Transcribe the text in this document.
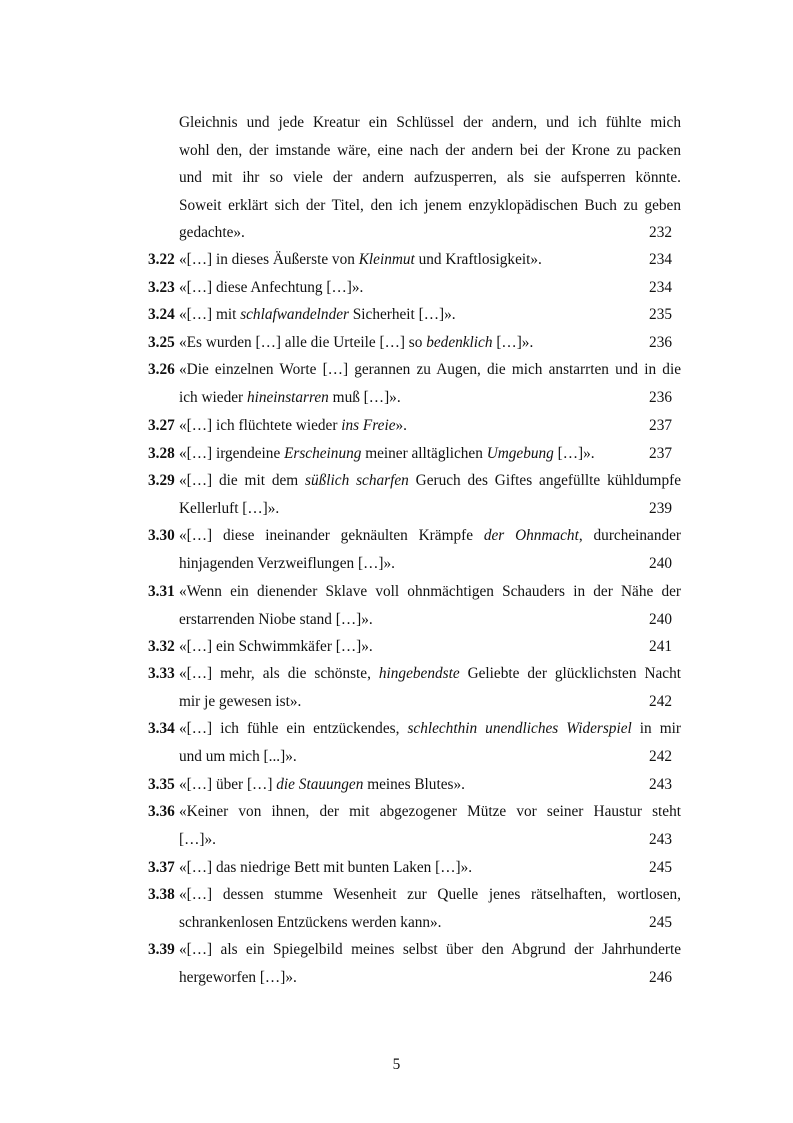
Gleichnis und jede Kreatur ein Schlüssel der andern, und ich fühlte mich
wohl den, der imstande wäre, eine nach der andern bei der Krone zu packen
und mit ihr so viele der andern aufzusperren, als sie aufsperren könnte.
Soweit erklärt sich der Titel, den ich jenem enzyklopädischen Buch zu geben
gedachte».	232
3.22 «[…] in dieses Äußerste von Kleinmut und Kraftlosigkeit».	234
3.23 «[…] diese Anfechtung […]».	234
3.24 «[…] mit schlafwandelnder Sicherheit […]».	235
3.25 «Es wurden […] alle die Urteile […] so bedenklich […]».	236
3.26 «Die einzelnen Worte […] gerannen zu Augen, die mich anstarrten und in die
ich wieder hineinstarren muß […]».	236
3.27 «[…] ich flüchtete wieder ins Freie».	237
3.28 «[…] irgendeine Erscheinung meiner alltäglichen Umgebung […]».	237
3.29 «[…] die mit dem süßlich scharfen Geruch des Giftes angefüllte kühldumpfe
Kellerluft […]».	239
3.30 «[…] diese ineinander geknäulten Krämpfe der Ohnmacht, durcheinander
hinjagenden Verzweiflungen […]».	240
3.31 «Wenn ein dienender Sklave voll ohnmächtigen Schauders in der Nähe der
erstarrenden Niobe stand […]».	240
3.32 «[…] ein Schwimmkäfer […]».	241
3.33 «[…] mehr, als die schönste, hingebendste Geliebte der glücklichsten Nacht
mir je gewesen ist».	242
3.34 «[…] ich fühle ein entzückendes, schlechthin unendliches Widerspiel in mir
und um mich [...]».	242
3.35 «[…] über […] die Stauungen meines Blutes».	243
3.36 «Keiner von ihnen, der mit abgezogener Mütze vor seiner Haustur steht
[…]».	243
3.37 «[…] das niedrige Bett mit bunten Laken […]».	245
3.38 «[…] dessen stumme Wesenheit zur Quelle jenes rätselhaften, wortlosen,
schrankenlosen Entzückens werden kann».	245
3.39 «[…] als ein Spiegelbild meines selbst über den Abgrund der Jahrhunderte
hergeworfen […]».	246
5
